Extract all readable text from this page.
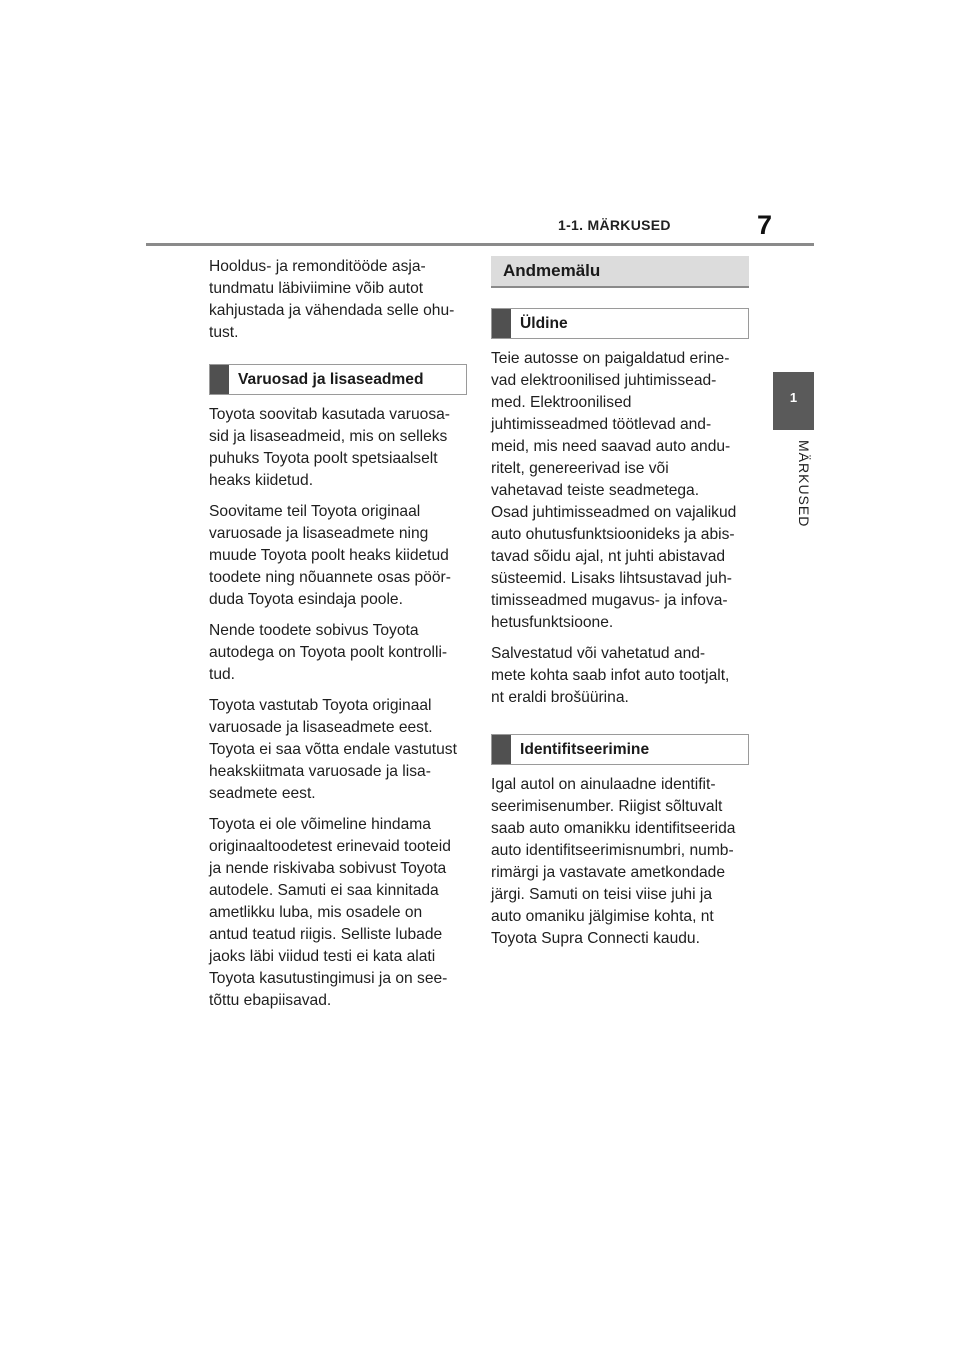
1-1. MÄRKUSED	7
1
MÄRKUSED

Hooldus- ja remonditööde asja-
tundmatu läbiviimine võib autot
kahjustada ja vähendada selle ohu-
tust.

Varuosad ja lisaseadmed

Toyota soovitab kasutada varuosa-
sid ja lisaseadmeid, mis on selleks
puhuks Toyota poolt spetsiaalselt
heaks kiidetud.

Soovitame teil Toyota originaal
varuosade ja lisaseadmete ning
muude Toyota poolt heaks kiidetud
toodete ning nõuannete osas pöör-
duda Toyota esindaja poole.

Nende toodete sobivus Toyota
autodega on Toyota poolt kontrolli-
tud.

Toyota vastutab Toyota originaal
varuosade ja lisaseadmete eest.
Toyota ei saa võtta endale vastutust
heakskiitmata varuosade ja lisa-
seadmete eest.

Toyota ei ole võimeline hindama
originaaltoodetest erinevaid tooteid
ja nende riskivaba sobivust Toyota
autodele. Samuti ei saa kinnitada
ametlikku luba, mis osadele on
antud teatud riigis. Selliste lubade
jaoks läbi viidud testi ei kata alati
Toyota kasutustingimusi ja on see-
tõttu ebapiisavad.

Andmemälu
Üldine

Teie autosse on paigaldatud erine-
vad elektroonilised juhtimissead-
med. Elektroonilised
juhtimisseadmed töötlevad and-
meid, mis need saavad auto andu-
ritelt, genereerivad ise või
vahetavad teiste seadmetega.
Osad juhtimisseadmed on vajalikud
auto ohutusfunktsioonideks ja abis-
tavad sõidu ajal, nt juhti abistavad
süsteemid. Lisaks lihtsustavad juh-
timisseadmed mugavus- ja infova-
hetusfunktsioone.

Salvestatud või vahetatud and-
mete kohta saab infot auto tootjalt,
nt eraldi brošüürina.

Identifitseerimine

Igal autol on ainulaadne identifit-
seerimisenumber. Riigist sõltuvalt
saab auto omanikku identifitseerida
auto identifitseerimisnumbri, numb-
rimärgi ja vastavate ametkondade
järgi. Samuti on teisi viise juhi ja
auto omaniku jälgimise kohta, nt
Toyota Supra Connecti kaudu.
